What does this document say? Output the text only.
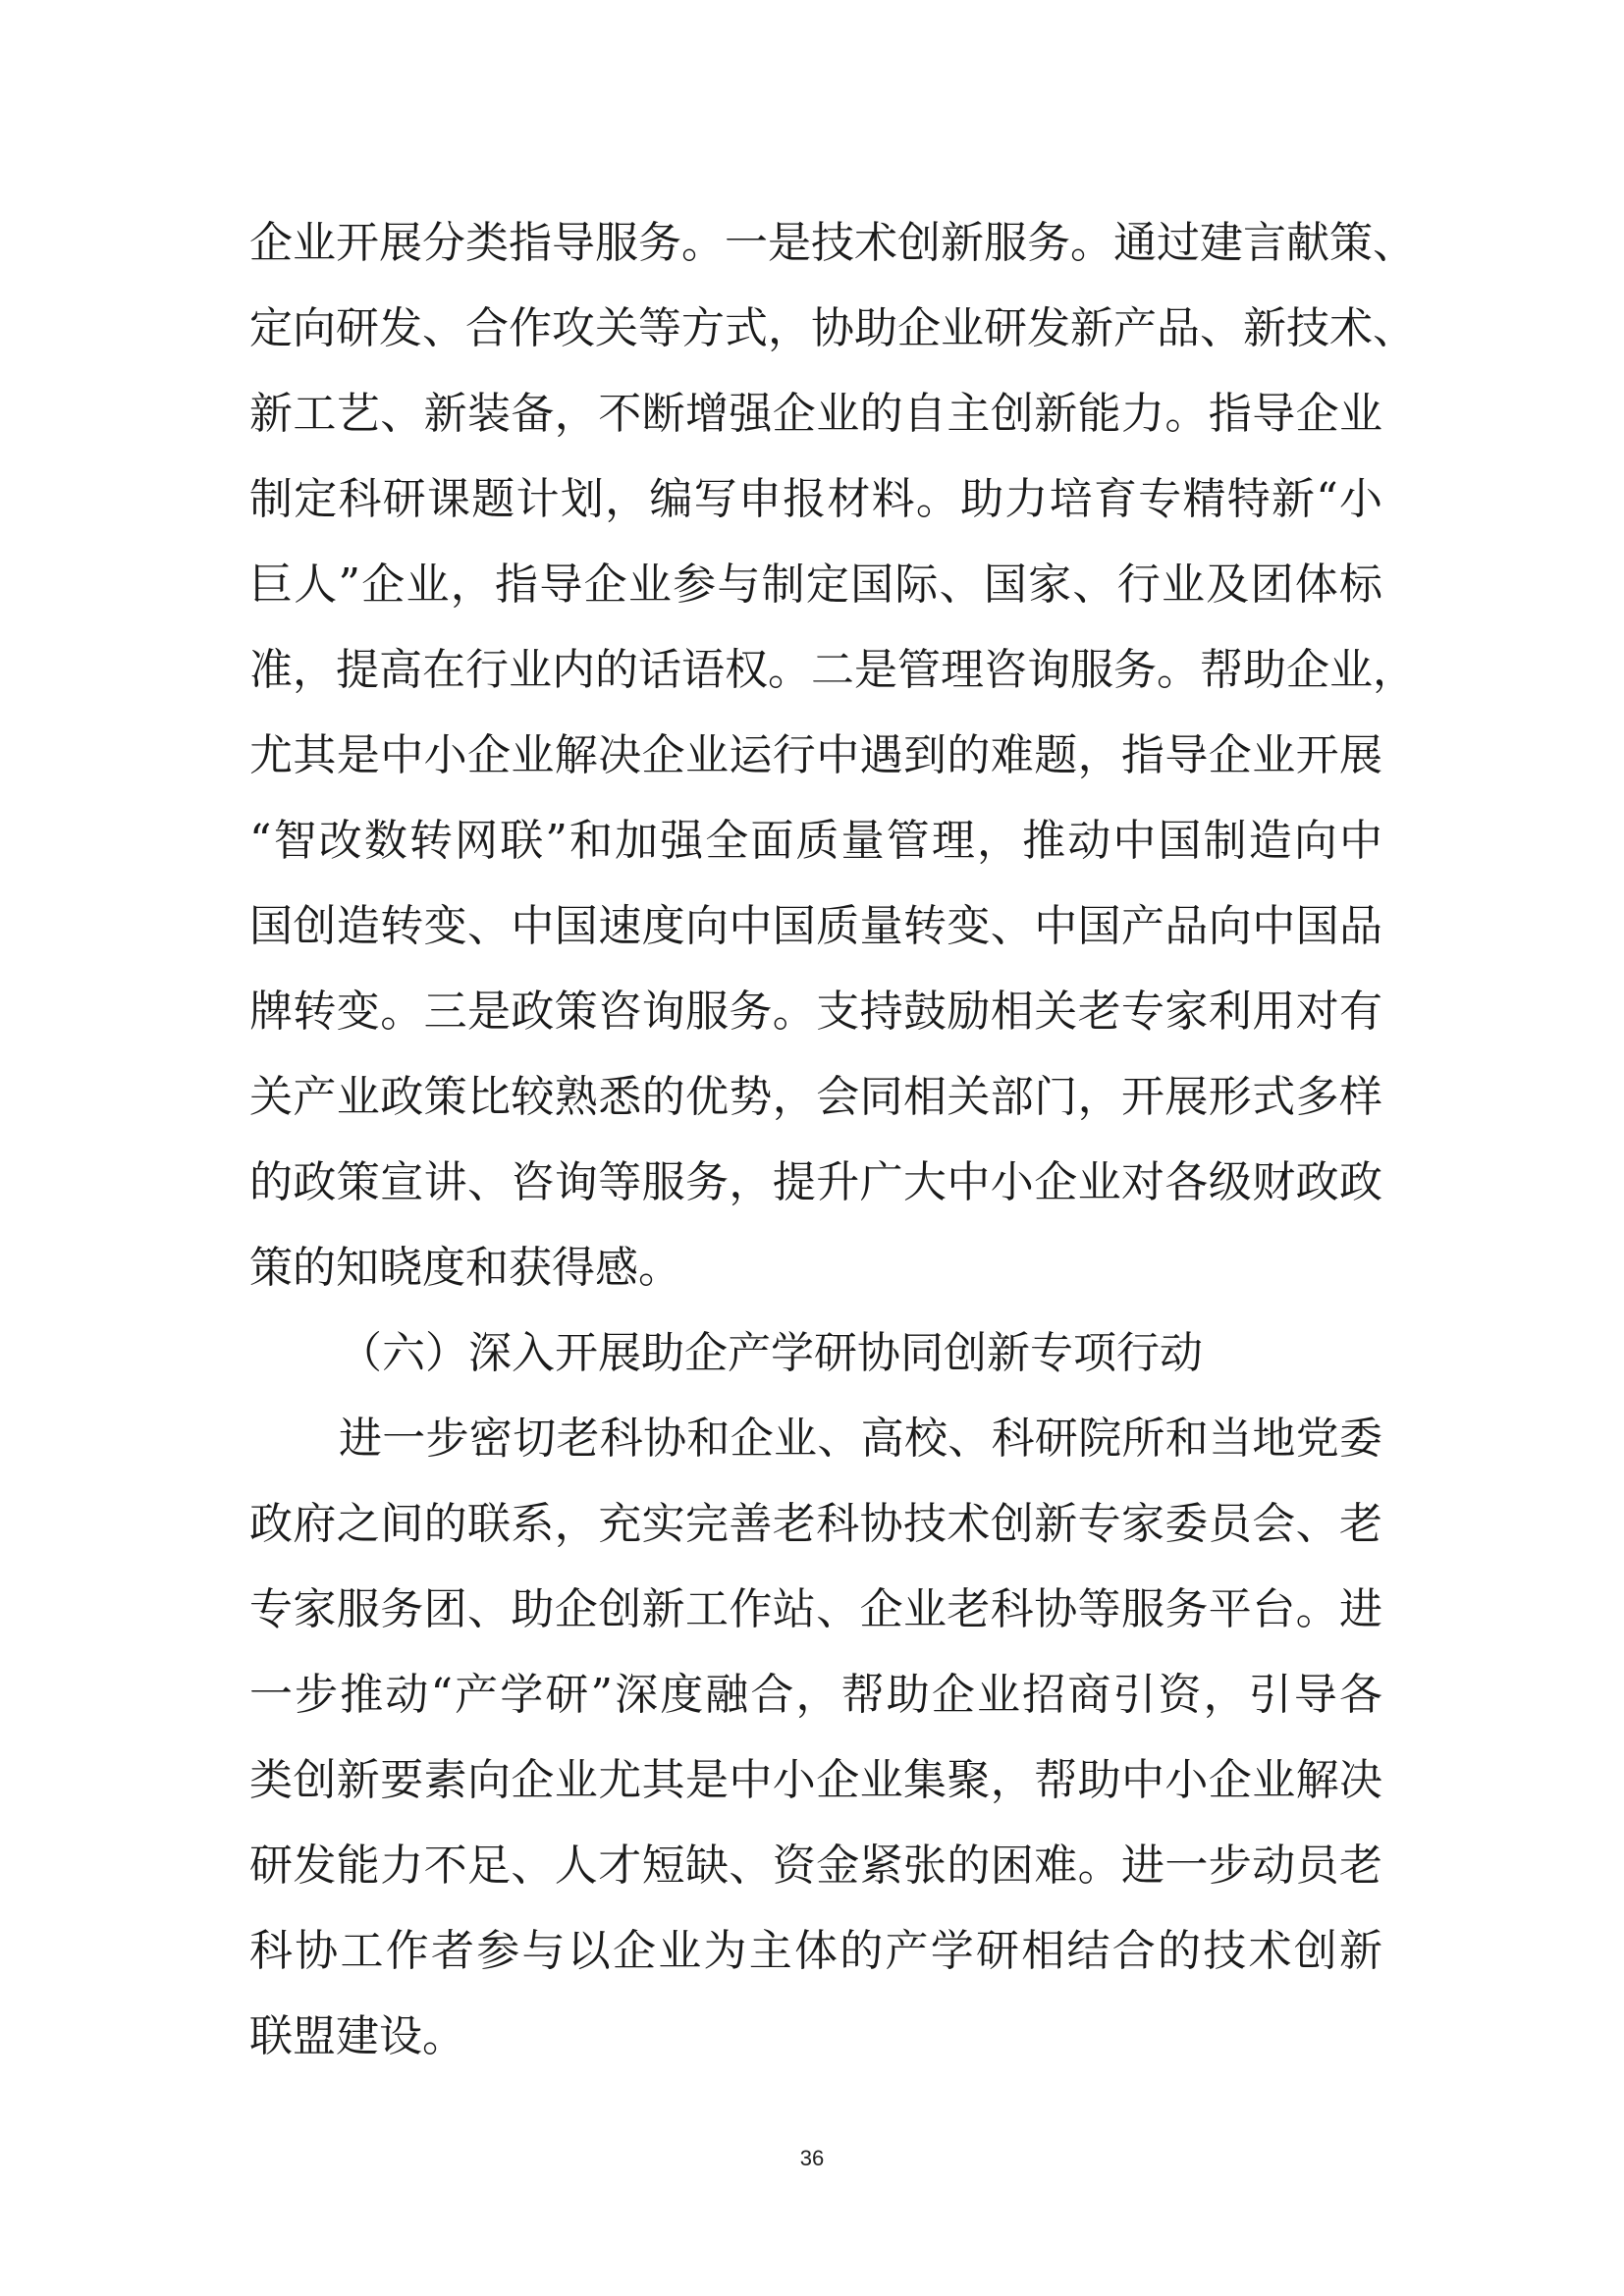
企业开展分类指导服务。一是技术创新服务。通过建言献策、
定向研发、合作攻关等方式，协助企业研发新产品、新技术、
新工艺、新装备，不断增强企业的自主创新能力。指导企业
制定科研课题计划，编写申报材料。助力培育专精特新“小
巨人”企业，指导企业参与制定国际、国家、行业及团体标
准，提高在行业内的话语权。二是管理咨询服务。帮助企业，
尤其是中小企业解决企业运行中遇到的难题，指导企业开展
“智改数转网联”和加强全面质量管理，推动中国制造向中
国创造转变、中国速度向中国质量转变、中国产品向中国品
牌转变。三是政策咨询服务。支持鼓励相关老专家利用对有
关产业政策比较熟悉的优势，会同相关部门，开展形式多样
的政策宣讲、咨询等服务，提升广大中小企业对各级财政政
策的知晓度和获得感。
（六）深入开展助企产学研协同创新专项行动
进一步密切老科协和企业、高校、科研院所和当地党委
政府之间的联系，充实完善老科协技术创新专家委员会、老
专家服务团、助企创新工作站、企业老科协等服务平台。进
一步推动“产学研”深度融合，帮助企业招商引资，引导各
类创新要素向企业尤其是中小企业集聚，帮助中小企业解决
研发能力不足、人才短缺、资金紧张的困难。进一步动员老
科协工作者参与以企业为主体的产学研相结合的技术创新
联盟建设。
36
